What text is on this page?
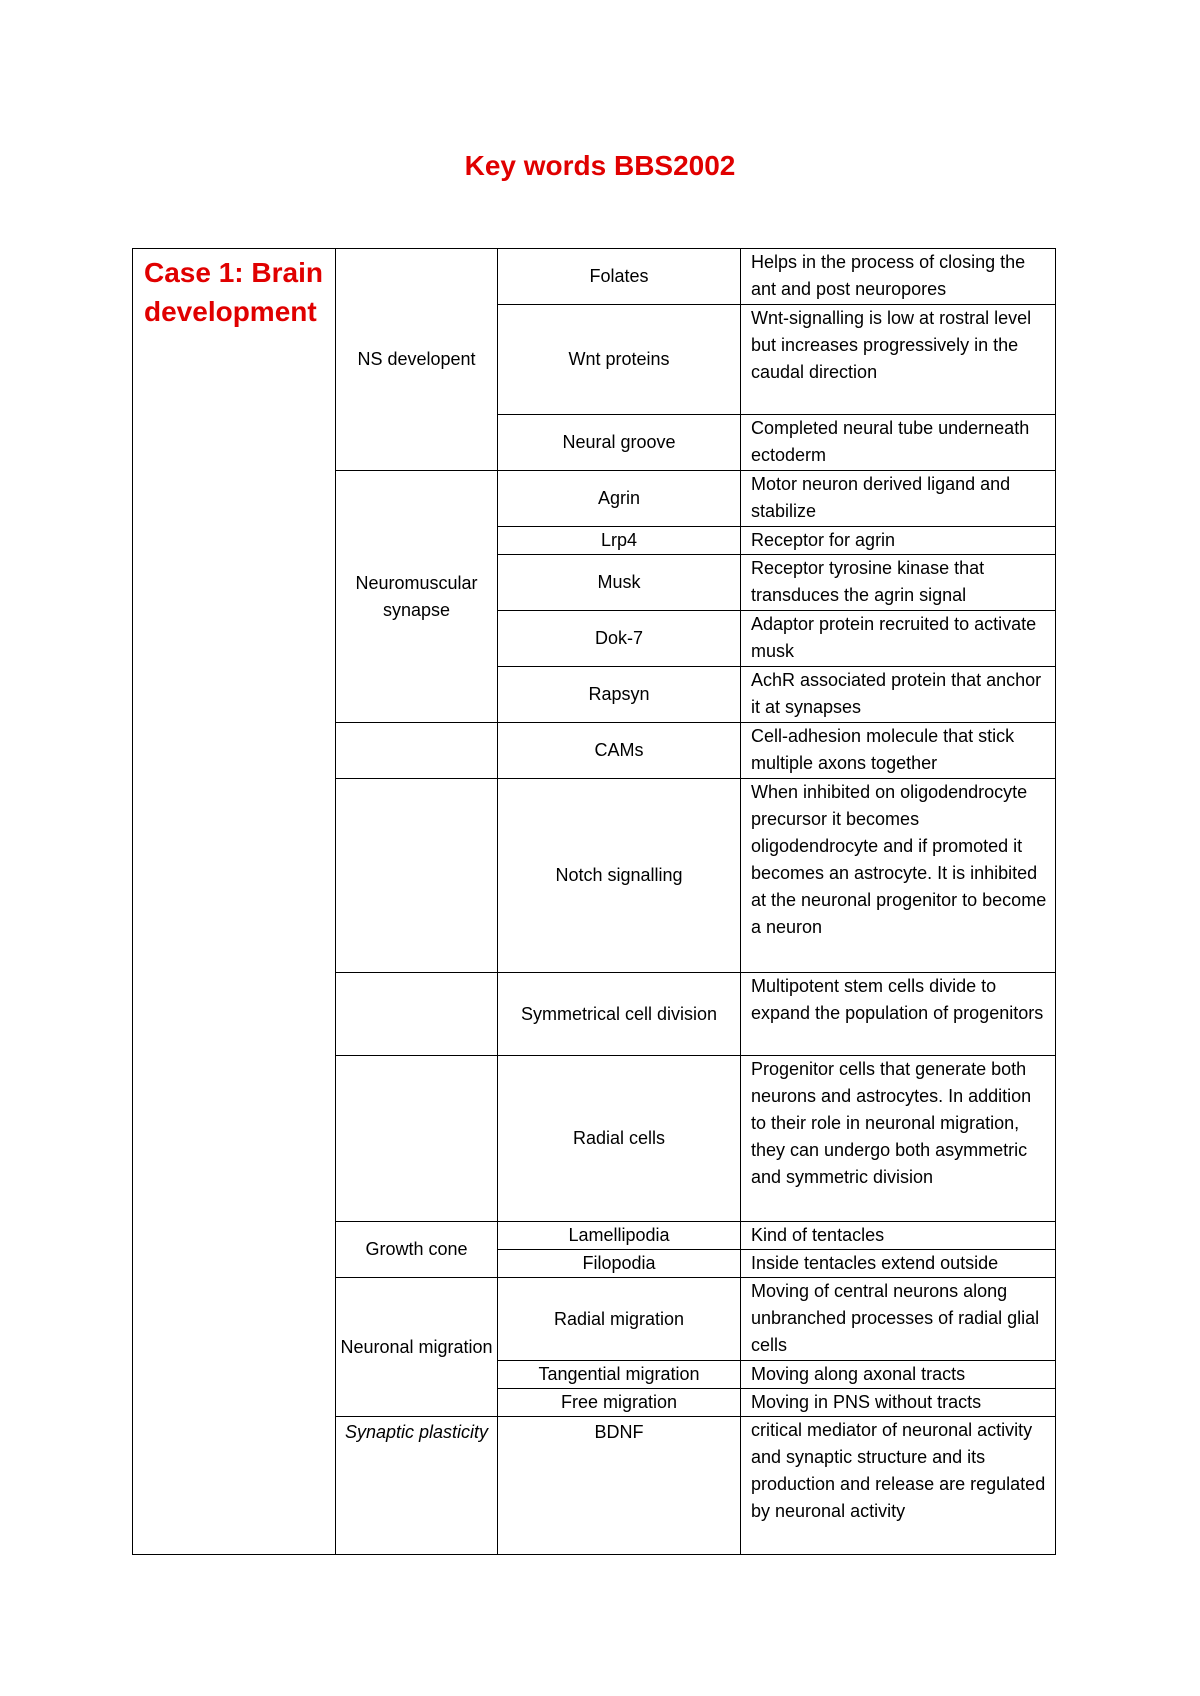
Key words BBS2002
Case 1: Brain development	NS developent	Folates	Helps in the process of closing the ant and post neuropores
		Wnt proteins	Wnt-signalling is low at rostral level but increases progressively in the caudal direction
		Neural groove	Completed neural tube underneath ectoderm
	Neuromuscular synapse	Agrin	Motor neuron derived ligand and stabilize
		Lrp4	Receptor for agrin
		Musk	Receptor tyrosine kinase that transduces the agrin signal
		Dok-7	Adaptor protein recruited to activate musk
		Rapsyn	AchR associated protein that anchor it at synapses
		CAMs	Cell-adhesion molecule that stick multiple axons together
		Notch signalling	When inhibited on oligodendrocyte precursor it becomes oligodendrocyte and if promoted it becomes an astrocyte. It is inhibited at the neuronal progenitor to become a neuron
		Symmetrical cell division	Multipotent stem cells divide to expand the population of progenitors
		Radial cells	Progenitor cells that generate both neurons and astrocytes. In addition to their role in neuronal migration, they can undergo both asymmetric and symmetric division
	Growth cone	Lamellipodia	Kind of tentacles
		Filopodia	Inside tentacles extend outside
	Neuronal migration	Radial migration	Moving of central neurons along unbranched processes of radial glial cells
		Tangential migration	Moving along axonal tracts
		Free migration	Moving in PNS without tracts
	Synaptic plasticity	BDNF	critical mediator of neuronal activity and synaptic structure and its production and release are regulated by neuronal activity
